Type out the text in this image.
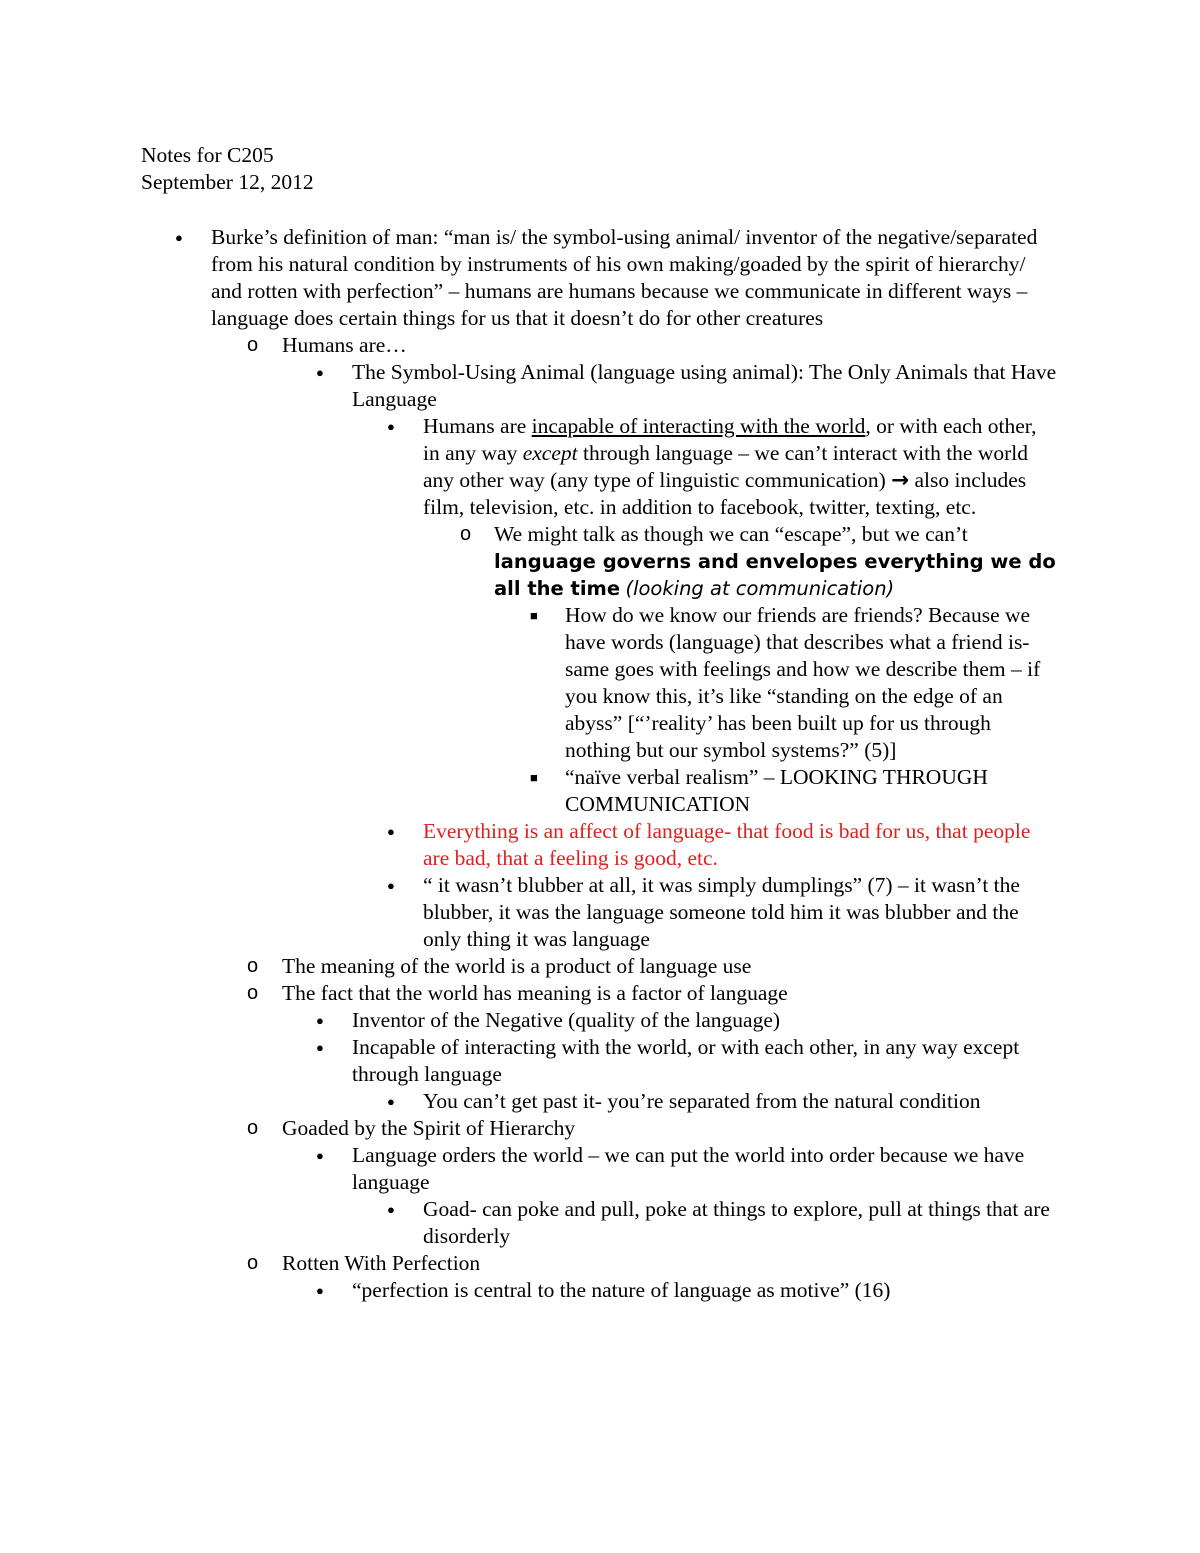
Notes for C205
September 12, 2012
● Burke’s definition of man: “man is/ the symbol-using animal/ inventor of the negative/separated from his natural condition by instruments of his own making/goaded by the spirit of hierarchy/ and rotten with perfection” – humans are humans because we communicate in different ways – language does certain things for us that it doesn’t do for other creatures
o Humans are…
● The Symbol-Using Animal (language using animal): The Only Animals that Have Language
● Humans are incapable of interacting with the world, or with each other, in any way except through language – we can’t interact with the world any other way (any type of linguistic communication) → also includes film, television, etc. in addition to facebook, twitter, texting, etc.
o We might talk as though we can “escape”, but we can’t language governs and envelopes everything we do all the time (looking at communication)
■ How do we know our friends are friends? Because we have words (language) that describes what a friend is- same goes with feelings and how we describe them – if you know this, it’s like “standing on the edge of an abyss” [“’reality’ has been built up for us through nothing but our symbol systems?” (5)]
■ “naïve verbal realism” – LOOKING THROUGH COMMUNICATION
● Everything is an affect of language- that food is bad for us, that people are bad, that a feeling is good, etc.
● “ it wasn’t blubber at all, it was simply dumplings” (7) – it wasn’t the blubber, it was the language someone told him it was blubber and the only thing it was language
o The meaning of the world is a product of language use
o The fact that the world has meaning is a factor of language
● Inventor of the Negative (quality of the language)
● Incapable of interacting with the world, or with each other, in any way except through language
● You can’t get past it- you’re separated from the natural condition
o Goaded by the Spirit of Hierarchy
● Language orders the world – we can put the world into order because we have language
● Goad- can poke and pull, poke at things to explore, pull at things that are disorderly
o Rotten With Perfection
● “perfection is central to the nature of language as motive” (16)
